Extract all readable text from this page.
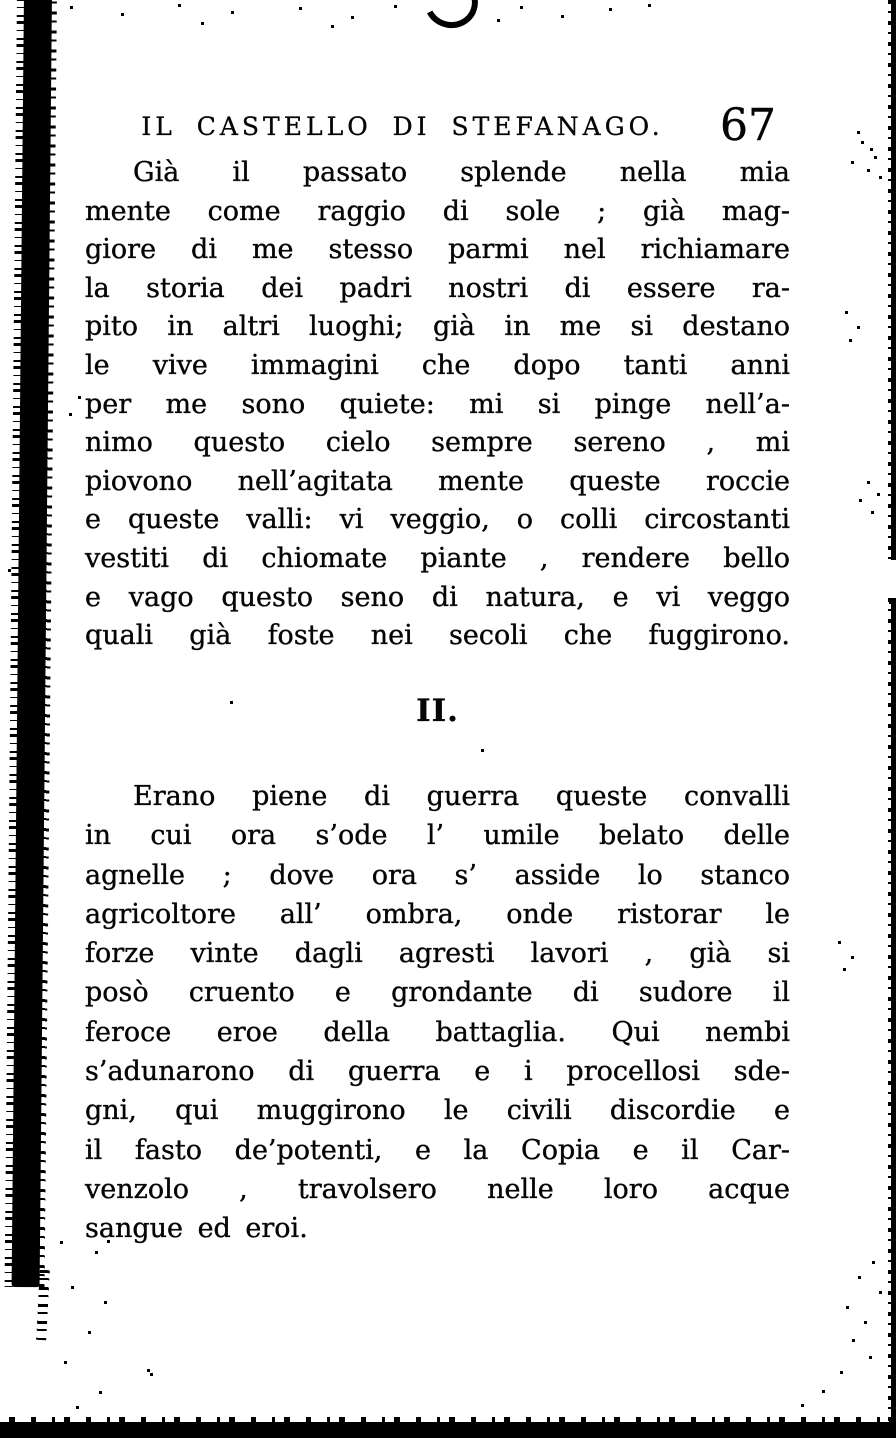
IL CASTELLO DI STEFANAGO.	67
Già il passato splende nella mia
mente come raggio di sole ; già mag-
giore di me stesso parmi nel richiamare
la storia dei padri nostri di essere ra-
pito in altri luoghi; già in me si destano
le vive immagini che dopo tanti anni
per me sono quiete: mi si pinge nell’a-
nimo questo cielo sempre sereno , mi
piovono nell’agitata mente queste roccie
e queste valli: vi veggio, o colli circostanti
vestiti di chiomate piante , rendere bello
e vago questo seno di natura, e vi veggo
quali già foste nei secoli che fuggirono.
II.
Erano piene di guerra queste convalli
in cui ora s’ode l’ umile belato delle
agnelle ; dove ora s’ asside lo stanco
agricoltore all’ ombra, onde ristorar le
forze vinte dagli agresti lavori , già si
posò cruento e grondante di sudore il
feroce eroe della battaglia. Qui nembi
s’adunarono di guerra e i procellosi sde-
gni, qui muggirono le civili discordie e
il fasto de’potenti, e la Copia e il Car-
venzolo , travolsero nelle loro acque
sangue ed eroi.
